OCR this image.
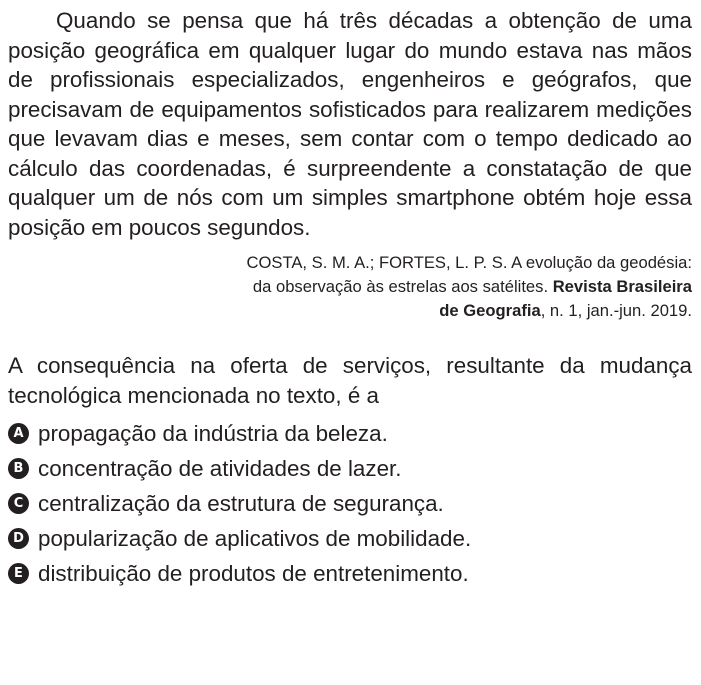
Quando se pensa que há três décadas a obtenção de uma posição geográfica em qualquer lugar do mundo estava nas mãos de profissionais especializados, engenheiros e geógrafos, que precisavam de equipamentos sofisticados para realizarem medições que levavam dias e meses, sem contar com o tempo dedicado ao cálculo das coordenadas, é surpreendente a constatação de que qualquer um de nós com um simples smartphone obtém hoje essa posição em poucos segundos.

COSTA, S. M. A.; FORTES, L. P. S. A evolução da geodésia:
da observação às estrelas aos satélites. Revista Brasileira
de Geografia, n. 1, jan.-jun. 2019.
A consequência na oferta de serviços, resultante da mudança tecnológica mencionada no texto, é a
A propagação da indústria da beleza.
B concentração de atividades de lazer.
C centralização da estrutura de segurança.
D popularização de aplicativos de mobilidade.
E distribuição de produtos de entretenimento.
